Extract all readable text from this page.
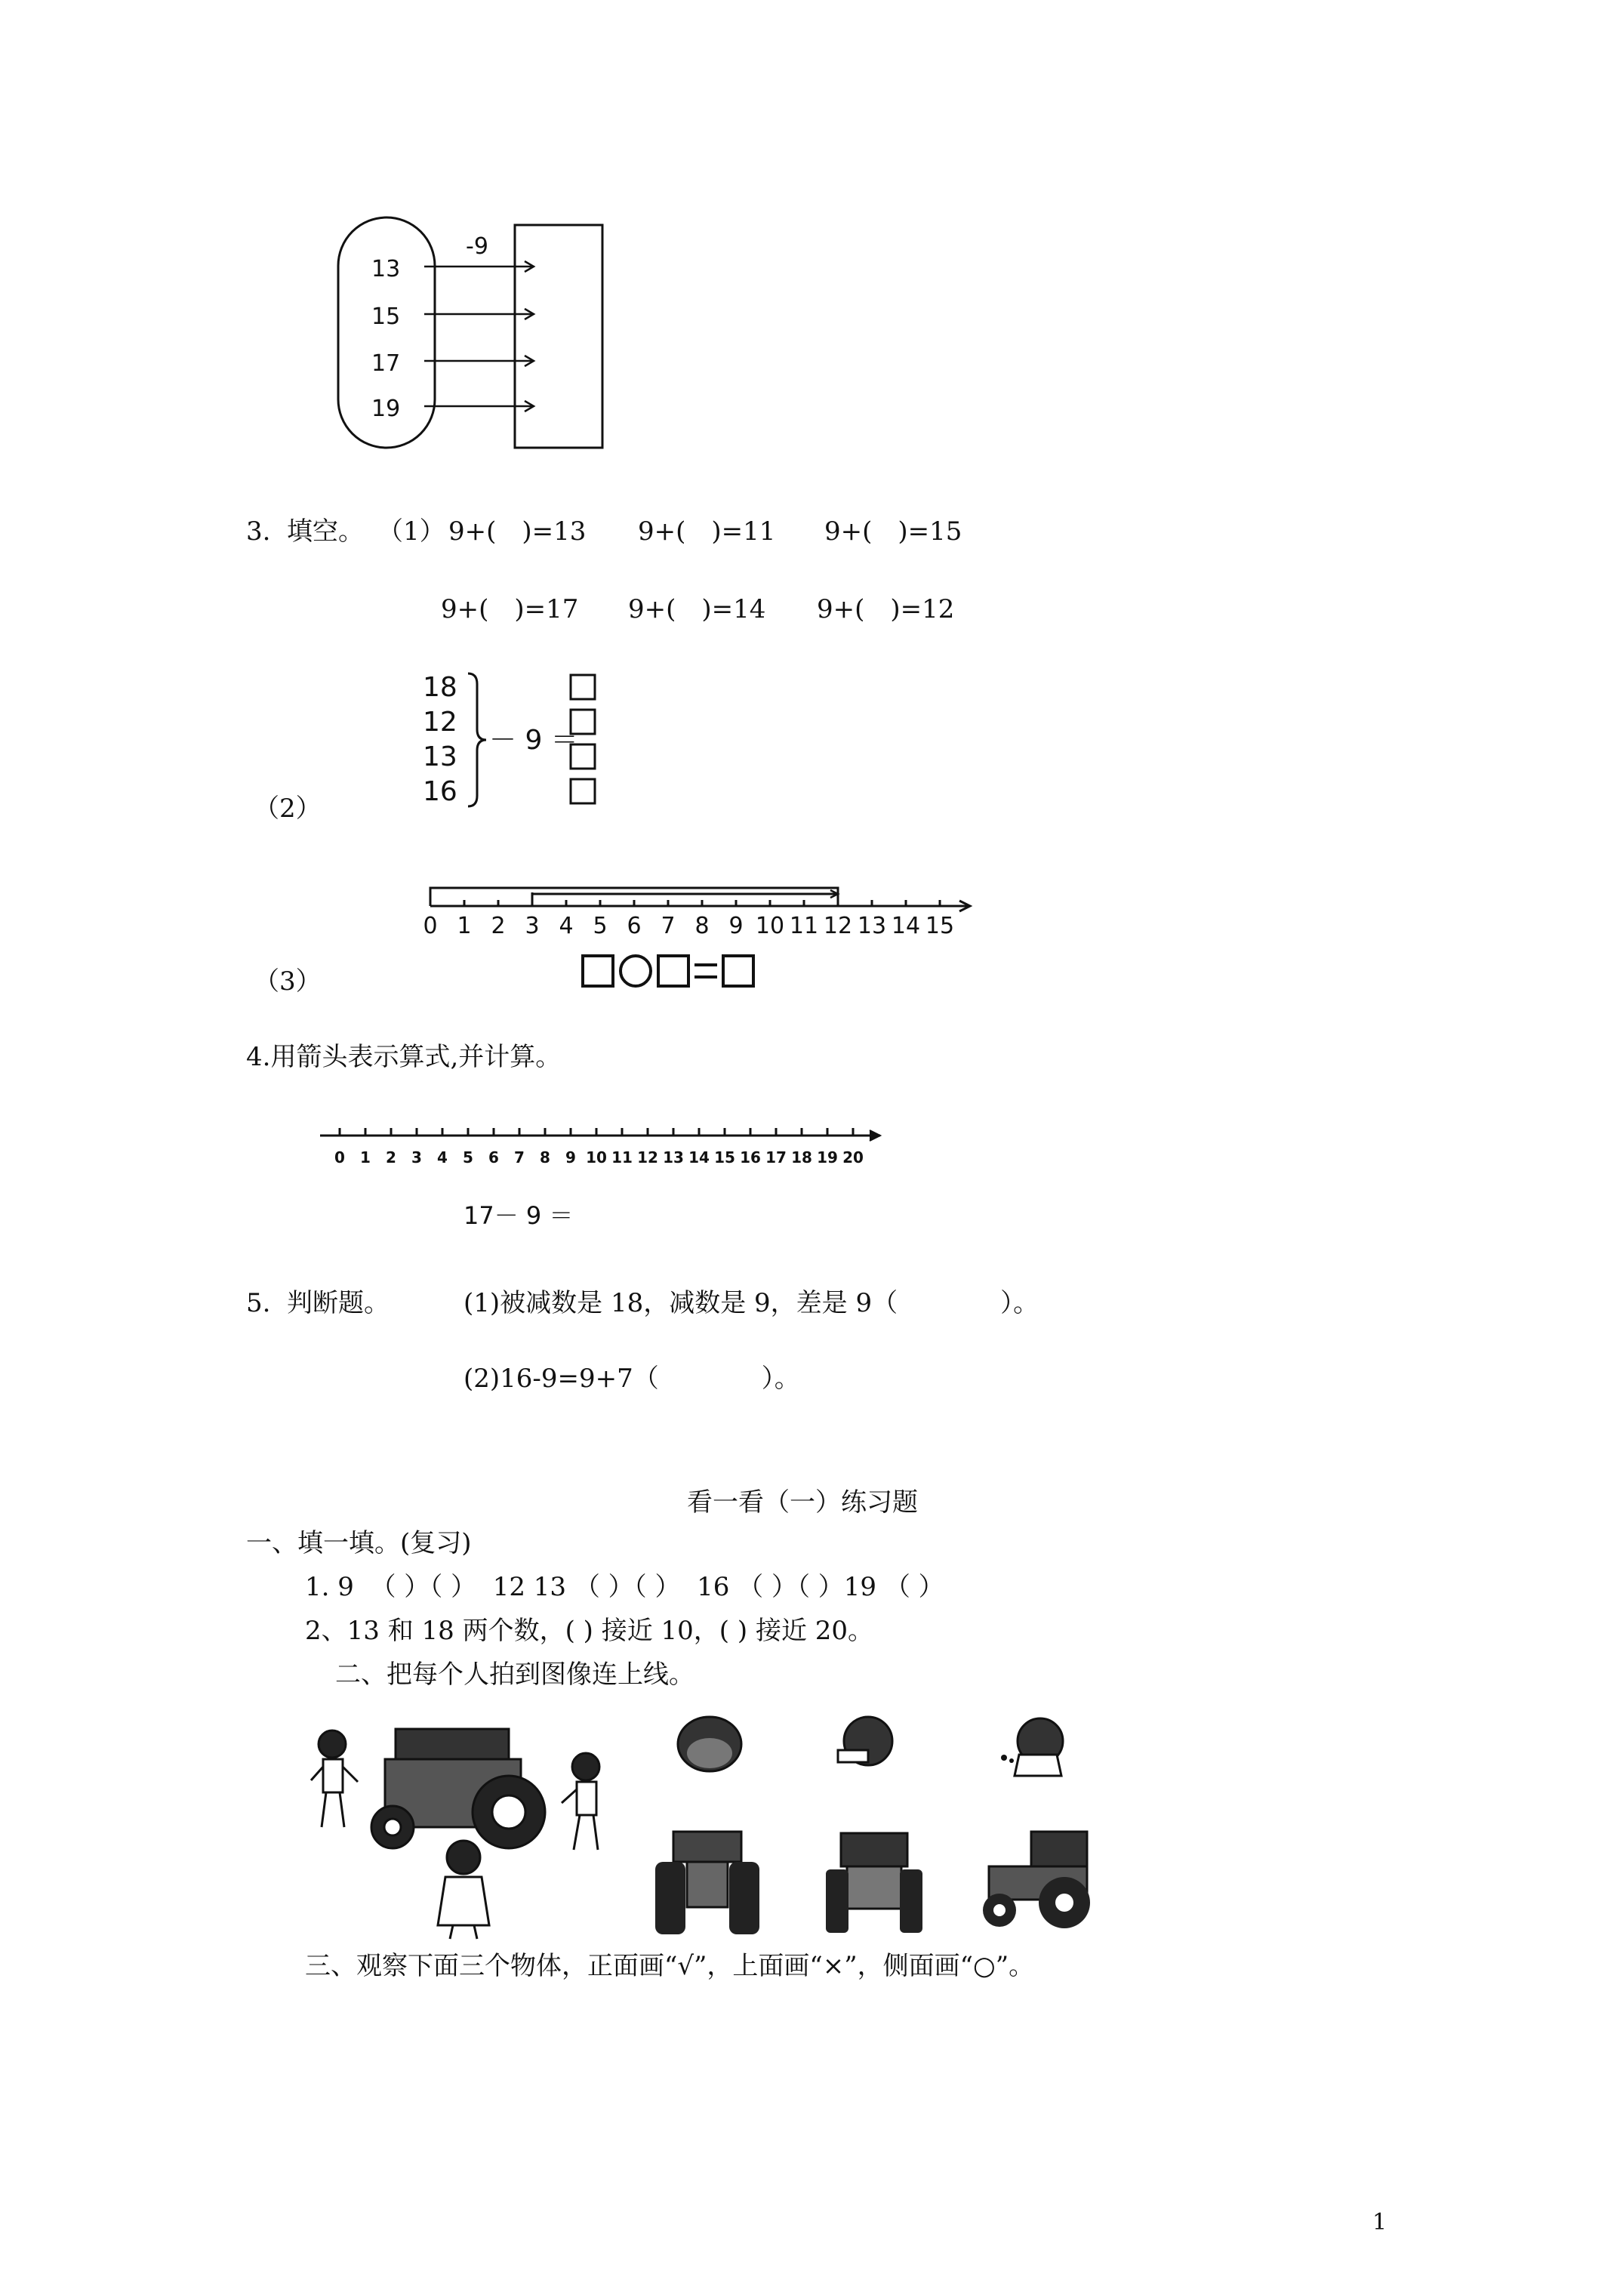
-9
13
15
17
19
3.  填空。 （1） 9+(　)=13 9+(　)=11 9+(　)=15
9+(　)=17 9+(　)=14 9+(　)=12
（2）
18
12
13
16
－ 9 ＝
（3）
0 1 2 3 4 5 6 7 8 9 10 11 12 13 14 15
4.用箭头表示算式,并计算。
0 1 2 3 4 5 6 7 8 9 10 11 12 13 14 15 16 17 18 19 20
17－ 9 ＝
5.  判断题。	(1)被减数是 18，减数是 9，差是 9（　　　　）。
(2)16-9=9+7（　　　　）。
看一看（一）练习题
一、填一填。(复习)
1. 9  （ ）（ ）  12 13 （ ）（ ）  16 （ ）（ ）19 （ ）
2、13 和 18 两个数，( ) 接近 10，( ) 接近 20。
二、把每个人拍到图像连上线。
三、观察下面三个物体，正面画“√”，上面画“×”，侧面画“○”。
1
